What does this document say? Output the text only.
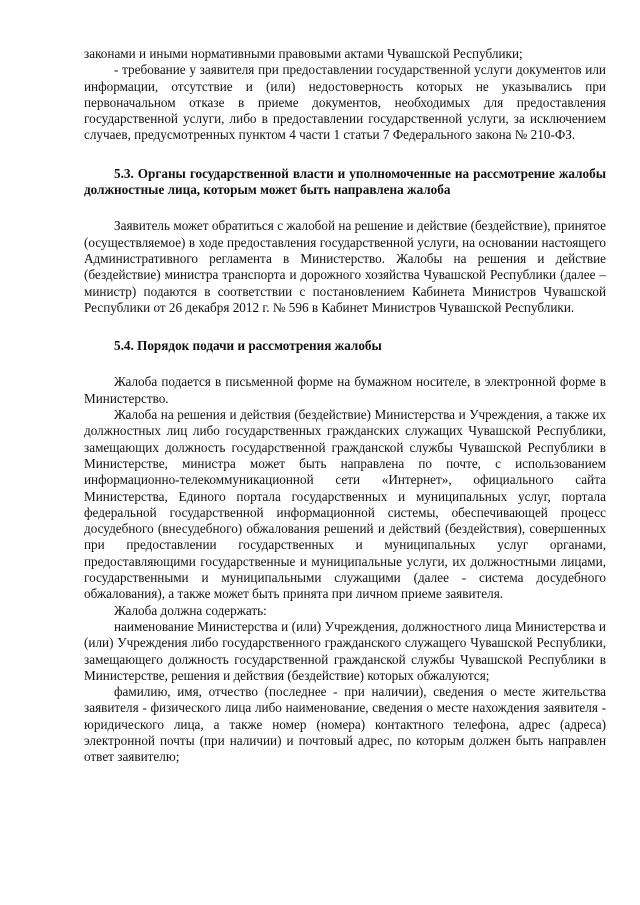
законами и иными нормативными правовыми актами Чувашской Республики;

- требование у заявителя при предоставлении государственной услуги документов или информации, отсутствие и (или) недостоверность которых не указывались при первоначальном отказе в приеме документов, необходимых для предоставления государственной услуги, либо в предоставлении государственной услуги, за исключением случаев, предусмотренных пунктом 4 части 1 статьи 7 Федерального закона № 210-ФЗ.

5.3. Органы государственной власти и уполномоченные на рассмотрение жалобы должностные лица, которым может быть направлена жалоба

Заявитель может обратиться с жалобой на решение и действие (бездействие), принятое (осуществляемое) в ходе предоставления государственной услуги, на основании настоящего Административного регламента в Министерство. Жалобы на решения и действие (бездействие) министра транспорта и дорожного хозяйства Чувашской Республики (далее – министр) подаются в соответствии с постановлением Кабинета Министров Чувашской Республики от 26 декабря 2012 г. № 596 в Кабинет Министров Чувашской Республики.

5.4. Порядок подачи и рассмотрения жалобы

Жалоба подается в письменной форме на бумажном носителе, в электронной форме в Министерство.

Жалоба на решения и действия (бездействие) Министерства и Учреждения, а также их должностных лиц либо государственных гражданских служащих Чувашской Республики, замещающих должность государственной гражданской службы Чувашской Республики в Министерстве, министра может быть направлена по почте, с использованием информационно-телекоммуникационной сети «Интернет», официального сайта Министерства, Единого портала государственных и муниципальных услуг, портала федеральной государственной информационной системы, обеспечивающей процесс досудебного (внесудебного) обжалования решений и действий (бездействия), совершенных при предоставлении государственных и муниципальных услуг органами, предоставляющими государственные и муниципальные услуги, их должностными лицами, государственными и муниципальными служащими (далее - система досудебного обжалования), а также может быть принята при личном приеме заявителя.

Жалоба должна содержать:

наименование Министерства и (или) Учреждения, должностного лица Министерства и (или) Учреждения либо государственного гражданского служащего Чувашской Республики, замещающего должность государственной гражданской службы Чувашской Республики в Министерстве, решения и действия (бездействие) которых обжалуются;

фамилию, имя, отчество (последнее - при наличии), сведения о месте жительства заявителя - физического лица либо наименование, сведения о месте нахождения заявителя - юридического лица, а также номер (номера) контактного телефона, адрес (адреса) электронной почты (при наличии) и почтовый адрес, по которым должен быть направлен ответ заявителю;
